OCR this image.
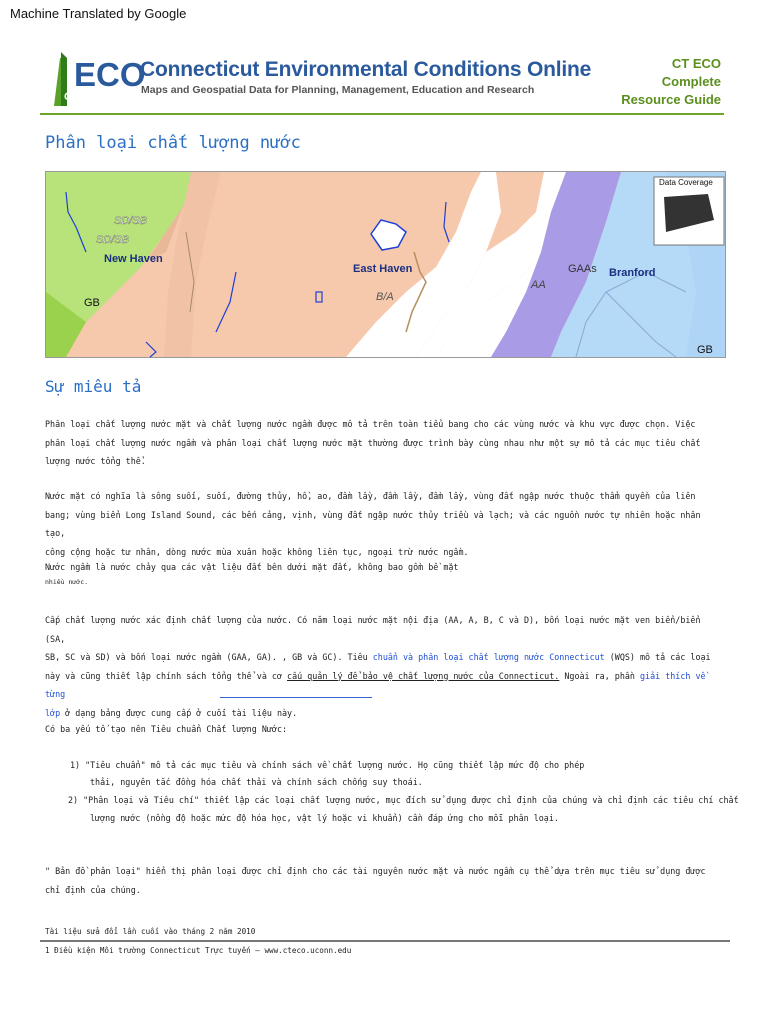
Machine Translated by Google
CT
ECO
Connecticut Environmental Conditions Online
Maps and Geospatial Data for Planning, Management, Education and Research
CT ECO
Complete
Resource Guide
Phân loại chất lượng nước
Data Coverage
SD/SB
SD/SB
New Haven
GB
East Haven
B/A
AA
GAAs Branford
GB
Sự miêu tả
Phân loại chất lượng nước mặt và chất lượng nước ngầm được mô tả trên toàn tiểu bang cho các vùng nước và khu vực được chọn. Việc
phân loại chất lượng nước ngầm và phân loại chất lượng nước mặt thường được trình bày cùng nhau như một sự mô tả các mục tiêu chất
lượng nước tổng thể.
Nước mặt có nghĩa là sông suối, suối, đường thủy, hồ, ao, đầm lầy, đầm lầy, đầm lầy, vùng đất ngập nước thuộc thẩm quyền của liên
bang; vùng biển Long Island Sound, các bến cảng, vịnh, vùng đất ngập nước thủy triều và lạch; và các nguồn nước tự nhiên hoặc nhân tạo,
công cộng hoặc tư nhân, dòng nước mùa xuân hoặc không liên tục, ngoại trừ nước ngầm.
Nước ngầm là nước chảy qua các vật liệu đất bên dưới mặt đất, không bao gồm bề mặt
nhiều nước.
Cấp chất lượng nước xác định chất lượng của nước. Có năm loại nước mặt nội địa (AA, A, B, C và D), bốn loại nước mặt ven biển/biển (SA,
SB, SC và SD) và bốn loại nước ngầm (GAA, GA). , GB và GC). Tiêu chuẩn và phân loại chất lượng nước Connecticut (WQS) mô tả các loại
này và cũng thiết lập chính sách tổng thể và cơ cấu quản lý để bảo vệ chất lượng nước của Connecticut. Ngoài ra, phần giải thích về từng
lớp ở dạng bảng được cung cấp ở cuối tài liệu này.
Có ba yếu tố tạo nên Tiêu chuẩn Chất lượng Nước:
1) "Tiêu chuẩn" mô tả các mục tiêu và chính sách về chất lượng nước. Họ cũng thiết lập mức độ cho phép
thải, nguyên tắc đồng hóa chất thải và chính sách chống suy thoái.
2) "Phân loại và Tiêu chí" thiết lập các loại chất lượng nước, mục đích sử dụng được chỉ định của chúng và chỉ định các tiêu chí chất
lượng nước (nồng độ hoặc mức độ hóa học, vật lý hoặc vi khuẩn) cần đáp ứng cho mỗi phân loại.
" Bản đồ phân loại" hiển thị phân loại được chỉ định cho các tài nguyên nước mặt và nước ngầm cụ thể dựa trên mục tiêu sử dụng được
chỉ định của chúng.
Tài liệu sửa đổi lần cuối vào tháng 2 năm 2010
1 Điều kiện Môi trường Connecticut Trực tuyến – www.cteco.uconn.edu
